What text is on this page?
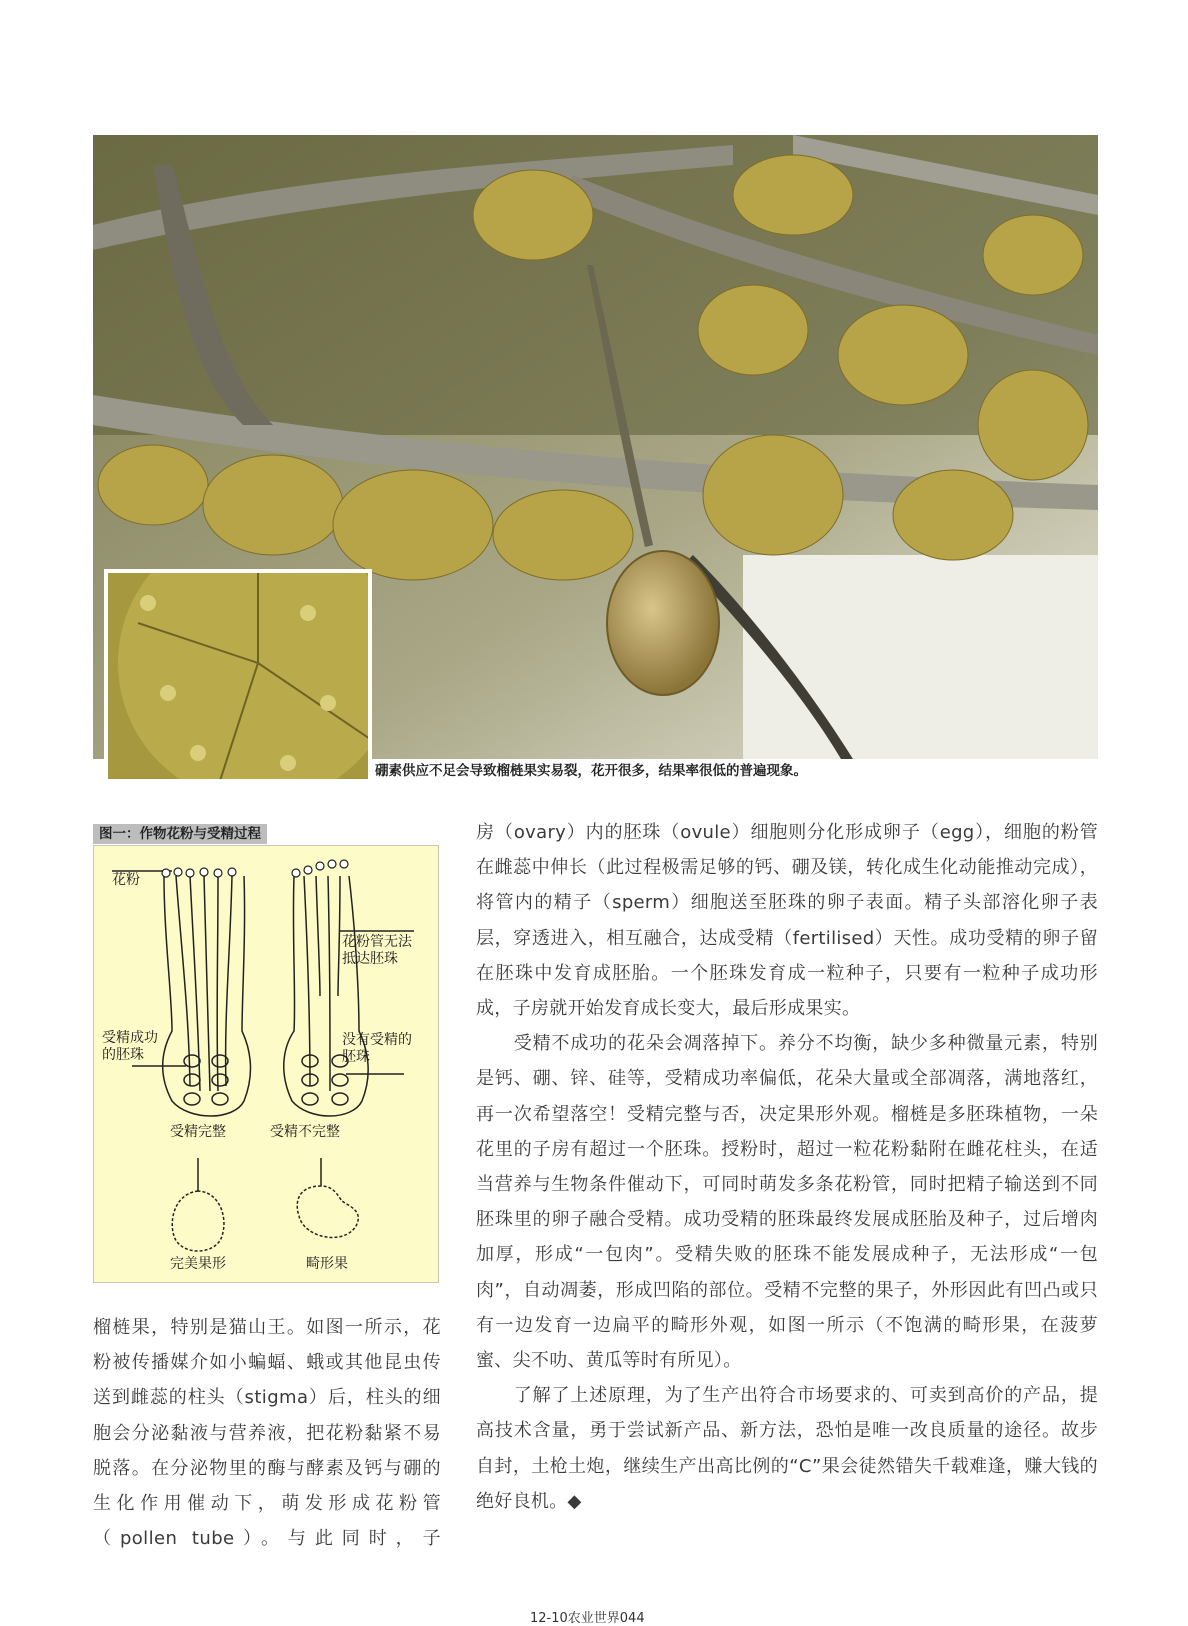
硼素供应不足会导致榴梿果实易裂，花开很多，结果率很低的普遍现象。
图一：作物花粉与受精过程
花粉
花粉管无法
抵达胚珠
受精成功
的胚珠
没有受精的
胚珠
受精完整	受精不完整
完美果形	畸形果
榴梿果，特别是猫山王。如图一所示，花粉被传播媒介如小蝙蝠、蛾或其他昆虫传送到雌蕊的柱头（stigma）后，柱头的细胞会分泌黏液与营养液，把花粉黏紧不易脱落。在分泌物里的酶与酵素及钙与硼的生化作用催动下，萌发形成花粉管（pollen tube）。与此同时，子

房（ovary）内的胚珠（ovule）细胞则分化形成卵子（egg），细胞的粉管在雌蕊中伸长（此过程极需足够的钙、硼及镁，转化成生化动能推动完成），将管内的精子（sperm）细胞送至胚珠的卵子表面。精子头部溶化卵子表层，穿透进入，相互融合，达成受精（fertilised）天性。成功受精的卵子留在胚珠中发育成胚胎。一个胚珠发育成一粒种子，只要有一粒种子成功形成，子房就开始发育成长变大，最后形成果实。

受精不成功的花朵会凋落掉下。养分不均衡，缺少多种微量元素，特别是钙、硼、锌、硅等，受精成功率偏低，花朵大量或全部凋落，满地落红，再一次希望落空！受精完整与否，决定果形外观。榴梿是多胚珠植物，一朵花里的子房有超过一个胚珠。授粉时，超过一粒花粉黏附在雌花柱头，在适当营养与生物条件催动下，可同时萌发多条花粉管，同时把精子输送到不同胚珠里的卵子融合受精。成功受精的胚珠最终发展成胚胎及种子，过后增肉加厚，形成“一包肉”。受精失败的胚珠不能发展成种子，无法形成“一包肉”，自动凋萎，形成凹陷的部位。受精不完整的果子，外形因此有凹凸或只有一边发育一边扁平的畸形外观，如图一所示（不饱满的畸形果，在菠萝蜜、尖不叻、黄瓜等时有所见）。

了解了上述原理，为了生产出符合市场要求的、可卖到高价的产品，提高技术含量，勇于尝试新产品、新方法，恐怕是唯一改良质量的途径。故步自封，土枪土炮，继续生产出高比例的“C”果会徒然错失千载难逢，赚大钱的绝好良机。◆

12-10农业世界044
